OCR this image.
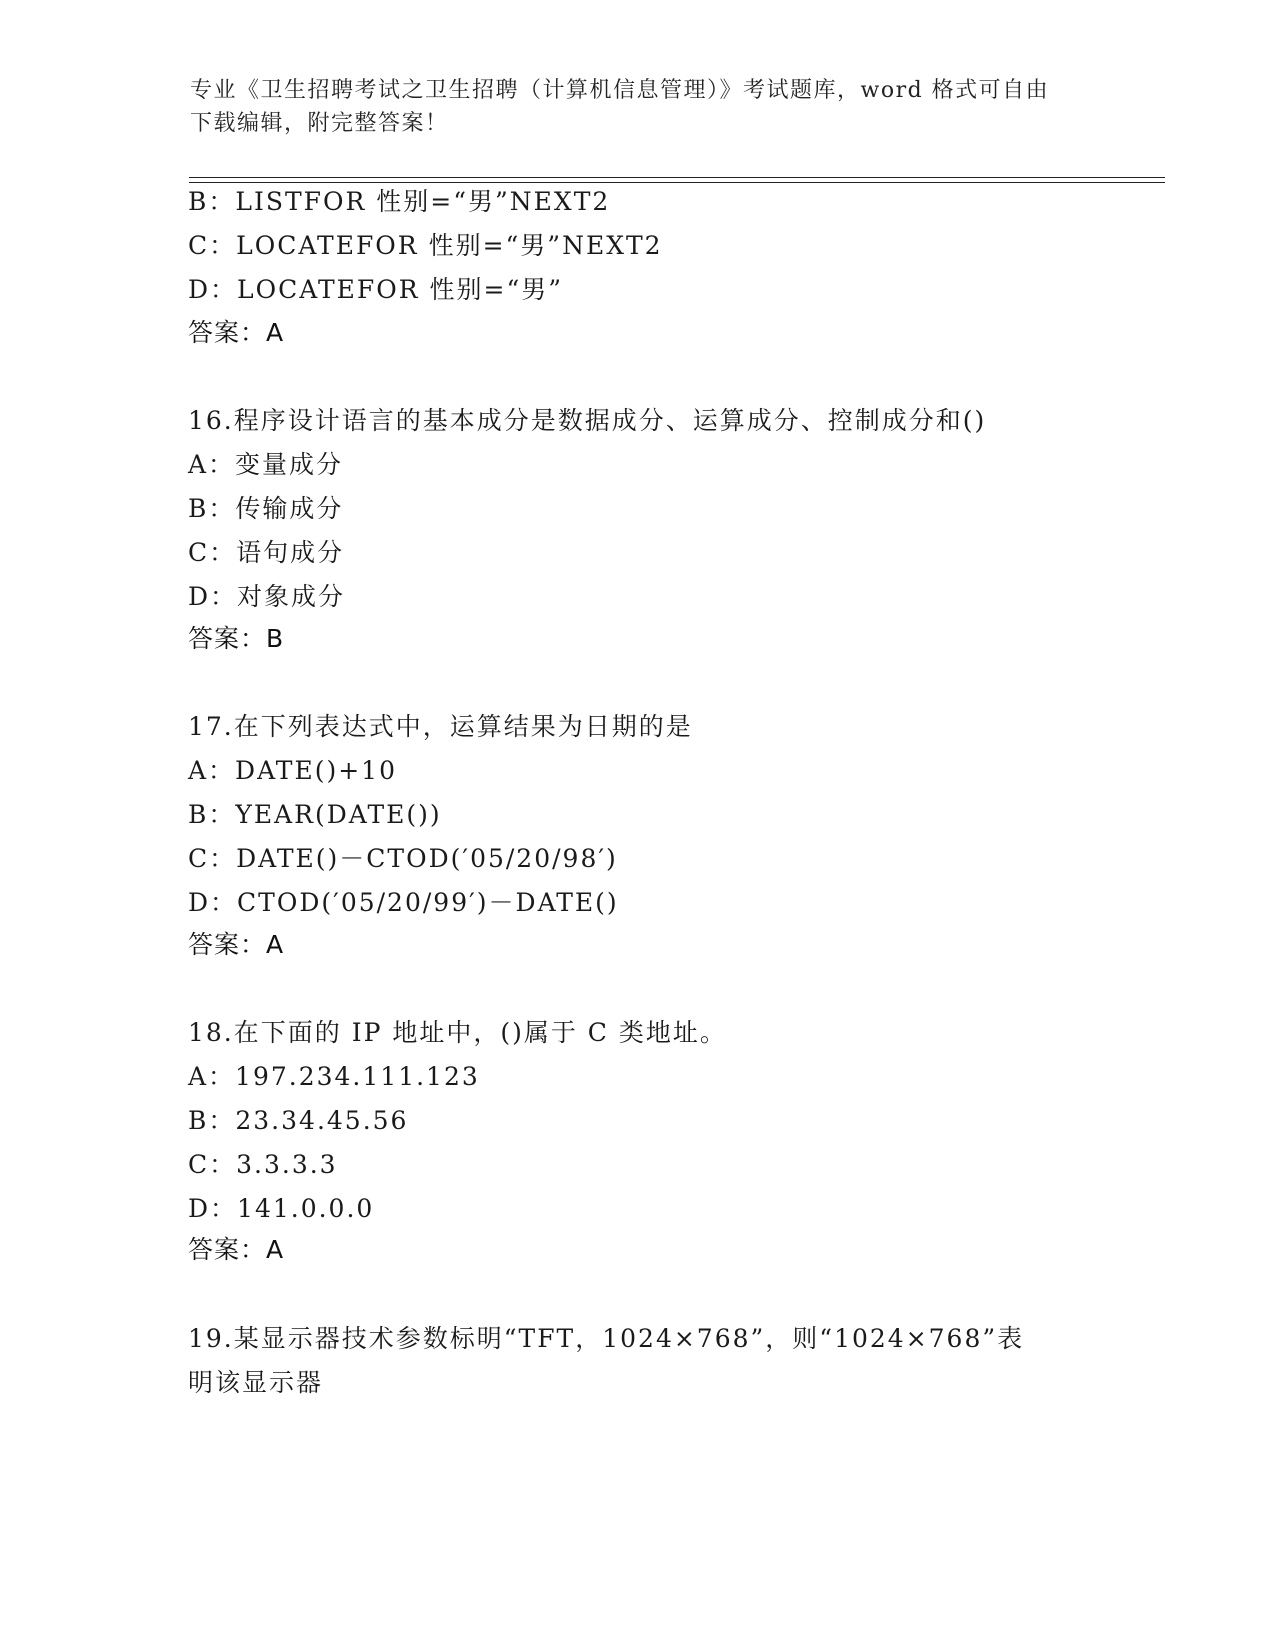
专业《卫生招聘考试之卫生招聘（计算机信息管理）》考试题库，word 格式可自由下载编辑，附完整答案！
B：LISTFOR 性别=“男”NEXT2
C：LOCATEFOR 性别=“男”NEXT2
D：LOCATEFOR 性别=“男”
答案：A
16.程序设计语言的基本成分是数据成分、运算成分、控制成分和()
A：变量成分
B：传输成分
C：语句成分
D：对象成分
答案：B
17.在下列表达式中，运算结果为日期的是
A：DATE()+10
B：YEAR(DATE())
C：DATE()－CTOD(′05/20/98′)
D：CTOD(′05/20/99′)－DATE()
答案：A
18.在下面的 IP 地址中，()属于 C 类地址。
A：197.234.111.123
B：23.34.45.56
C：3.3.3.3
D：141.0.0.0
答案：A
19.某显示器技术参数标明“TFT，1024×768”，则“1024×768”表
明该显示器
